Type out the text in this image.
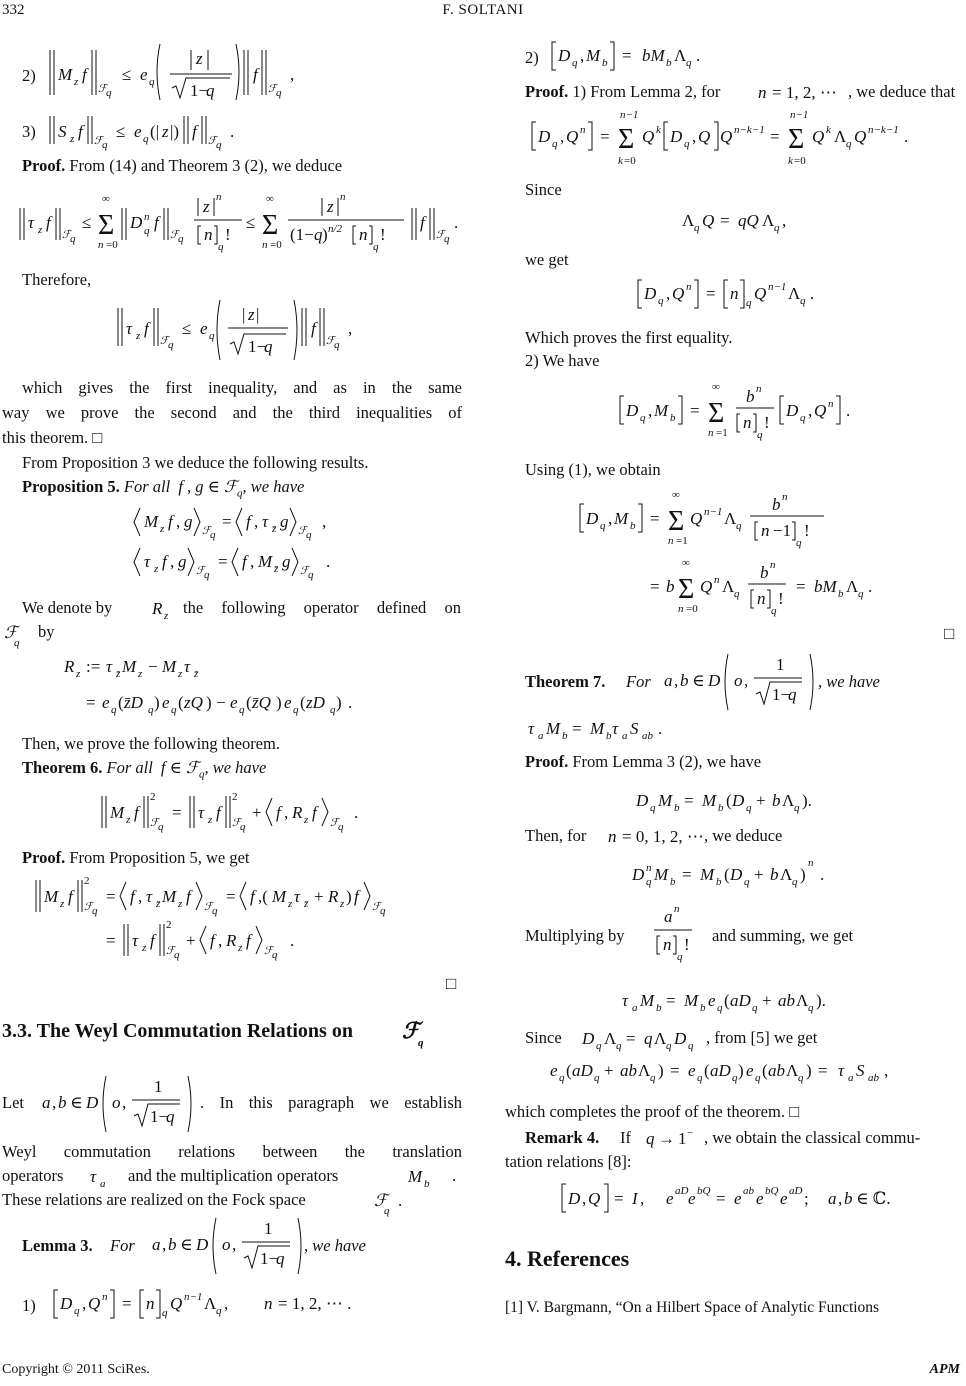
332	F. SOLTANI
2) M z f
ℱ q
≤ e q
z
1−
q
f
ℱ q
,
3) S z f ℱ q
≤ e q (| z |) f ℱ q
.
Proof. From (14) and Theorem 3 (2), we deduce
τ z f
ℱ q
≤ Σ
∞
n =0
D n
q f
ℱ q
z n
n
q
!
≤ Σ
∞
n =0
z n
(1− q ) n/2 n
q
!
f
ℱ q
.
Therefore,
τ z f
ℱ q
≤ e q
| z |
1−
q
f
ℱ q
,
which gives the first inequality, and as in the same
way we prove the second and the third inequalities of
this theorem. □
From Proposition 3 we deduce the following results.
Proposition 5. For all f , g ∈ ℱ$_q$, we have
M z f , g ℱ q
= f , τ z̄ g ℱ q
,
τ z f , g ℱ q
= f , M z̄ g ℱ q
.
We denote by R z the following operator defined on
ℱ
q
by
R z := τ z̄ M z − M z τ z̄
= e q ( z̄D q ) e q ( zQ ) − e q ( z̄Q ) e q ( zD q ) .
Then, we prove the following theorem.
Theorem 6. For all f ∈ ℱ$_q$, we have
M z f
2
ℱ q
= τ z f
2
ℱ q
+ f , R z f
ℱ q
.
Proof. From Proposition 5, we get
M z f
2
ℱ q
= f , τ z̄ M z f
ℱ q
= f ,( M z τ z̄ + R z ) f
ℱ q
= τ z f
2
ℱ q
+ f , R z f
ℱ q
.
□
3.3. The Weyl Commutation Relations on ℱ
q
Let a , b ∈ D o ,
1
1−
q
. In this paragraph we establish
Weyl commutation relations between the translation
operators τ a and the multiplication operators	M b .
These relations are realized on the Fock space	ℱ
q
.
Lemma 3. For a , b ∈ D o ,
1
1−
q
, we have
1) D q , Q n = n q Q n−1 Λ q , n = 1, 2, ⋯ .
2) D q , M b = bM b Λ q .
Proof. 1) From Lemma 2, for n = 1, 2, ⋯ , we deduce that
D q , Q n = Σ
n−1
k =0
Q k D q , Q Q n−k−1 = Σ
n−1
k =0
Q k Λ q Q n−k−1 .
Since
Λ q Q = qQ Λ q ,
we get
D q , Q n = n q Q n−1 Λ q .
Which proves the first equality.
2) We have
D q , M b = Σ
∞
n =1
b n
n
q
!
D q , Q n .
Using (1), we obtain
D q , M b = Σ
∞
n =1
Q n−1 Λ q
b n
n −1
q
!
= b Σ
∞
n =0
Q n Λ q
b n
n
q
!
= bM b Λ q .
□
Theorem 7. For a , b ∈ D o ,
1
1−
q
, we have
τ a M b = M b τ a S ab .
Proof. From Lemma 3 (2), we have
D q M b = M b ( D q + b Λ q ).
Then, for n = 0, 1, 2, ⋯ , we deduce
D n
q M b = M b ( D q + b Λ q )
n
.
Multiplying by
a n
n
q
! and summing, we get
τ a M b = M b e q ( aD q + ab Λ q ).
Since D q Λ q = q Λ q D q , from [5] we get
e q ( aD q + ab Λ q ) = e q ( aD q ) e q ( ab Λ q ) = τ a S ab ,
which completes the proof of the theorem. □
Remark 4. If q → 1 − , we obtain the classical commu-
tation relations [8]:
D , Q = I , e aD e bQ = e ab e bQ e aD ; a , b ∈ ℂ.
4. References
[1] V. Bargmann, “On a Hilbert Space of Analytic Functions
Copyright © 2011 SciRes.	APM
